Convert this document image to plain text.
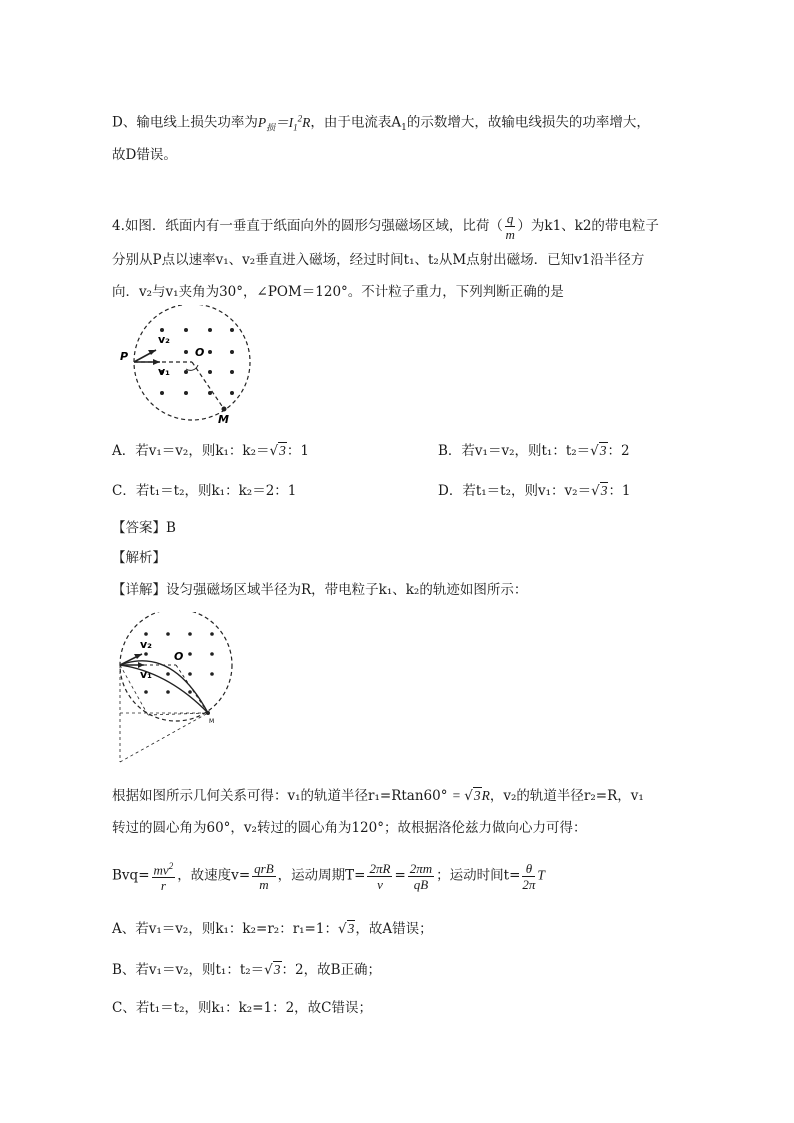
D、输电线上损失功率为$P_损=I_1^2R$，由于电流表$A_1$的示数增大，故输电线损失的功率增大，
故D错误。
4.如图．纸面内有一垂直于纸面向外的圆形匀强磁场区域，比荷（ $\frac{q}{m}$ ）为k1、k2的带电粒子
分别从P点以速率v₁、v₂垂直进入磁场，经过时间t₁、t₂从M点射出磁场．已知v1沿半径方
向．v₂与v₁夹角为30°，∠POM＝120°。不计粒子重力，下列判断正确的是
P	O
M
v₂
v₁
A．若v₁＝v₂，则k₁：k₂＝√3：1	B．若v₁＝v₂，则t₁：t₂＝√3：2
C．若t₁＝t₂，则k₁：k₂＝2：1	D．若t₁＝t₂，则v₁：v₂＝√3：1
【答案】B
【解析】
【详解】设匀强磁场区域半径为R，带电粒子k₁、k₂的轨迹如图所示：
O
M
v₂
v₁
根据如图所示几何关系可得：v₁的轨道半径r₁=Rtan60° = √3R，v₂的轨道半径r₂=R，v₁
转过的圆心角为60°，v₂转过的圆心角为120°；故根据洛伦兹力做向心力可得：
$Bvq= \frac{mv^2}{r}$ ，故速度$v= \frac{\text{qrB}}{m}$ ，运动周期$T= \frac{2\pi R}{v} = \frac{2\pi m}{qB}$ ；运动时间$t= \frac{\theta}{2\pi}$ T
A、若v₁＝v₂，则k₁：k₂=r₂：r₁=1：√3，故A错误；
B、若v₁＝v₂，则t₁：t₂＝√3：2，故B正确；
C、若t₁＝t₂，则k₁：k₂=1：2，故C错误；
